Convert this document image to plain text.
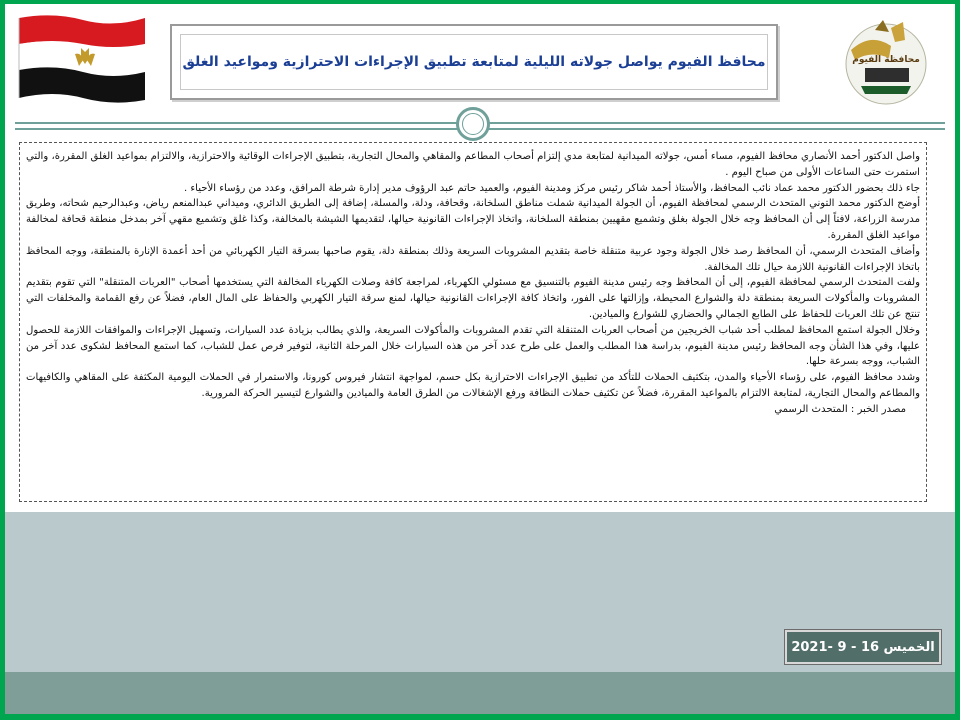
محافظة الفيوم
محافظ الفيوم يواصل جولاته الليلية لمتابعة تطبيق الإجراءات الاحترازية ومواعيد الغلق

واصل الدكتور أحمد الأنصاري محافظ الفيوم، مساء أمس، جولاته الميدانية لمتابعة مدي إلتزام أصحاب المطاعم والمقاهي والمحال التجارية، بتطبيق الإجراءات الوقائية والاحترازية، والالتزام بمواعيد الغلق المقررة، والتي استمرت حتى الساعات الأولى من صباح اليوم .

جاء ذلك بحضور الدكتور محمد عماد نائب المحافظ، والأستاذ أحمد شاكر رئيس مركز ومدينة الفيوم، والعميد حاتم عبد الرؤوف مدير إدارة شرطة المرافق، وعدد من رؤساء الأحياء .

أوضح الدكتور محمد التوني المتحدث الرسمي لمحافظة الفيوم، أن الجولة الميدانية شملت مناطق السلخانة، وقحافة، ودلة، والمسلة، إضافة إلى الطريق الدائري، وميداني عبدالمنعم رياض، وعبدالرحيم شحاته، وطريق مدرسة الزراعة، لافتاً إلى أن المحافظ وجه خلال الجولة بغلق وتشميع مقهيين بمنطقة السلخانة، واتخاذ الإجراءات القانونية حيالها، لتقديمها الشيشة بالمخالفة، وكذا غلق وتشميع مقهي آخر بمدخل منطقة قحافة لمخالفة مواعيد الغلق المقررة.

وأضاف المتحدث الرسمي، أن المحافظ رصد خلال الجولة وجود عربية متنقلة خاصة بتقديم المشروبات السريعة وذلك بمنطقة دلة، يقوم صاحبها بسرقة التيار الكهربائي من أحد أعمدة الإنارة بالمنطقة، ووجه المحافظ باتخاذ الإجراءات القانونية اللازمة حيال تلك المخالفة.

ولفت المتحدث الرسمي لمحافظة الفيوم، إلى أن المحافظ وجه رئيس مدينة الفيوم بالتنسيق مع مسئولي الكهرباء، لمراجعة كافة وصلات الكهرباء المخالفة التي يستخدمها أصحاب "العربات المتنقلة" التي تقوم بتقديم المشروبات والمأكولات السريعة بمنطقة دلة والشوارع المحيطة، وإزالتها على الفور، واتخاذ كافة الإجراءات القانونية حيالها، لمنع سرقة التيار الكهربي والحفاظ على المال العام، فضلاً عن رفع القمامة والمخلفات التي تنتج عن تلك العربات للحفاظ على الطابع الجمالي والحضاري للشوارع والميادين.

وخلال الجولة استمع المحافظ لمطلب أحد شباب الخريجين من أصحاب العربات المتنقلة التي تقدم المشروبات والمأكولات السريعة، والذي يطالب بزيادة عدد السيارات، وتسهيل الإجراءات والموافقات اللازمة للحصول عليها، وفي هذا الشأن وجه المحافظ رئيس مدينة الفيوم، بدراسة هذا المطلب والعمل على طرح عدد آخر من هذه السيارات خلال المرحلة الثانية، لتوفير فرص عمل للشباب، كما استمع المحافظ لشكوى عدد آخر من الشباب، ووجه بسرعة حلها.

وشدد محافظ الفيوم، على رؤساء الأحياء والمدن، بتكثيف الحملات للتأكد من تطبيق الإجراءات الاحترازية بكل حسم، لمواجهة انتشار فيروس كورونا، والاستمرار في الحملات اليومية المكثفة على المقاهي والكافيهات والمطاعم والمحال التجارية، لمتابعة الالتزام بالمواعيد المقررة، فضلاً عن تكثيف حملات النظافة ورفع الإشغالات من الطرق العامة والميادين والشوارع لتيسير الحركة المرورية.

مصدر الخبر : المتحدث الرسمي

الخميس 16 - 9 -2021
